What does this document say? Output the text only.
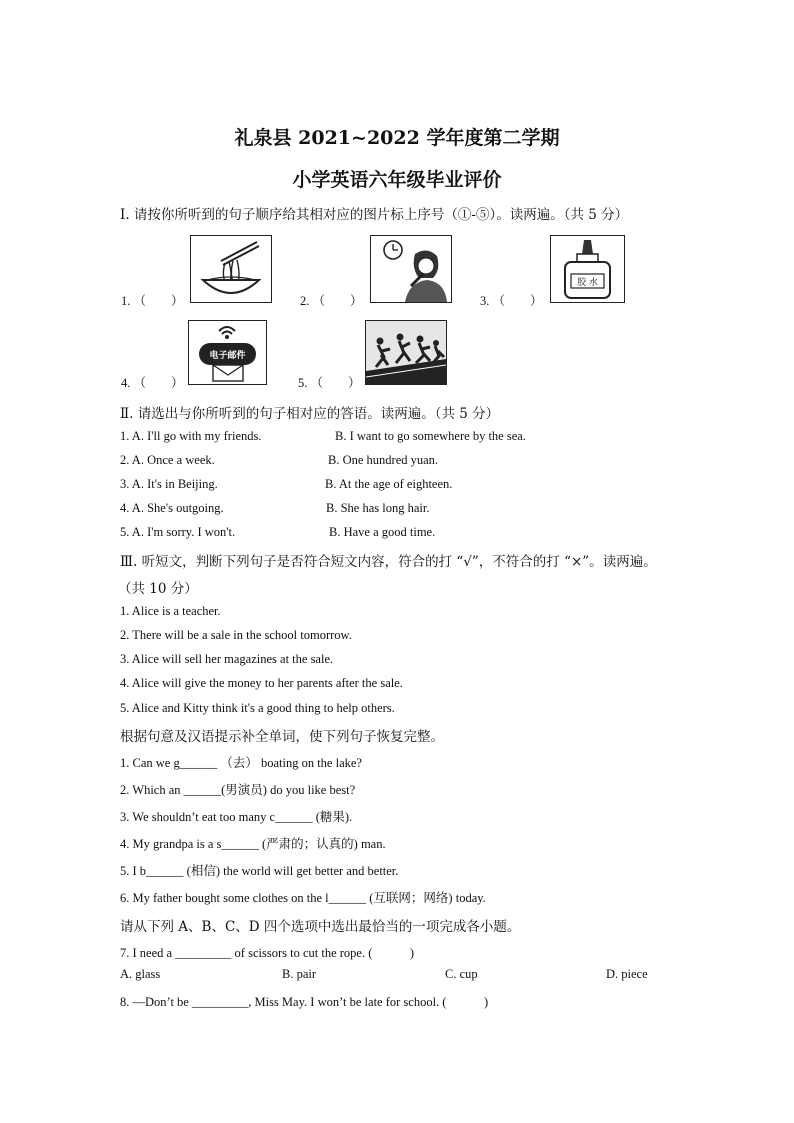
礼泉县 2021~2022 学年度第二学期
小学英语六年级毕业评价
Ⅰ. 请按你所听到的句子顺序给其相对应的图片标上序号（①-⑤）。读两遍。（共 5 分）
1. （　　）	2. （　　）
胶 水
3. （　　）
电子邮件
4. （　　）	5. （　　）
Ⅱ. 请选出与你所听到的句子相对应的答语。读两遍。（共 5 分）
1. A. I'll go with my friends.	B. I want to go somewhere by the sea.
2. A. Once a week.	B. One hundred yuan.
3. A. It's in Beijing.	B. At the age of eighteen.
4. A. She's outgoing.	B. She has long hair.
5. A. I'm sorry. I won't.	B. Have a good time.
Ⅲ. 听短文，判断下列句子是否符合短文内容，符合的打 “√”，不符合的打 “×”。读两遍。
（共 10 分）
1. Alice is a teacher.
2. There will be a sale in the school tomorrow.
3. Alice will sell her magazines at the sale.
4. Alice will give the money to her parents after the sale.
5. Alice and Kitty think it's a good thing to help others.
根据句意及汉语提示补全单词，使下列句子恢复完整。
1. Can we g______ （去） boating on the lake?
2. Which an ______(男演员) do you like best?
3. We shouldn’t eat too many c______ (糖果).
4. My grandpa is a s______ (严肃的；认真的) man.
5. I b______ (相信) the world will get better and better.
6. My father bought some clothes on the l______ (互联网；网络) today.
请从下列 A、B、C、D 四个选项中选出最恰当的一项完成各小题。
7. I need a _________ of scissors to cut the rope. (　　　)
A. glass	B. pair	C. cup	D. piece
8. —Don’t be _________, Miss May. I won’t be late for school. (　　　)
